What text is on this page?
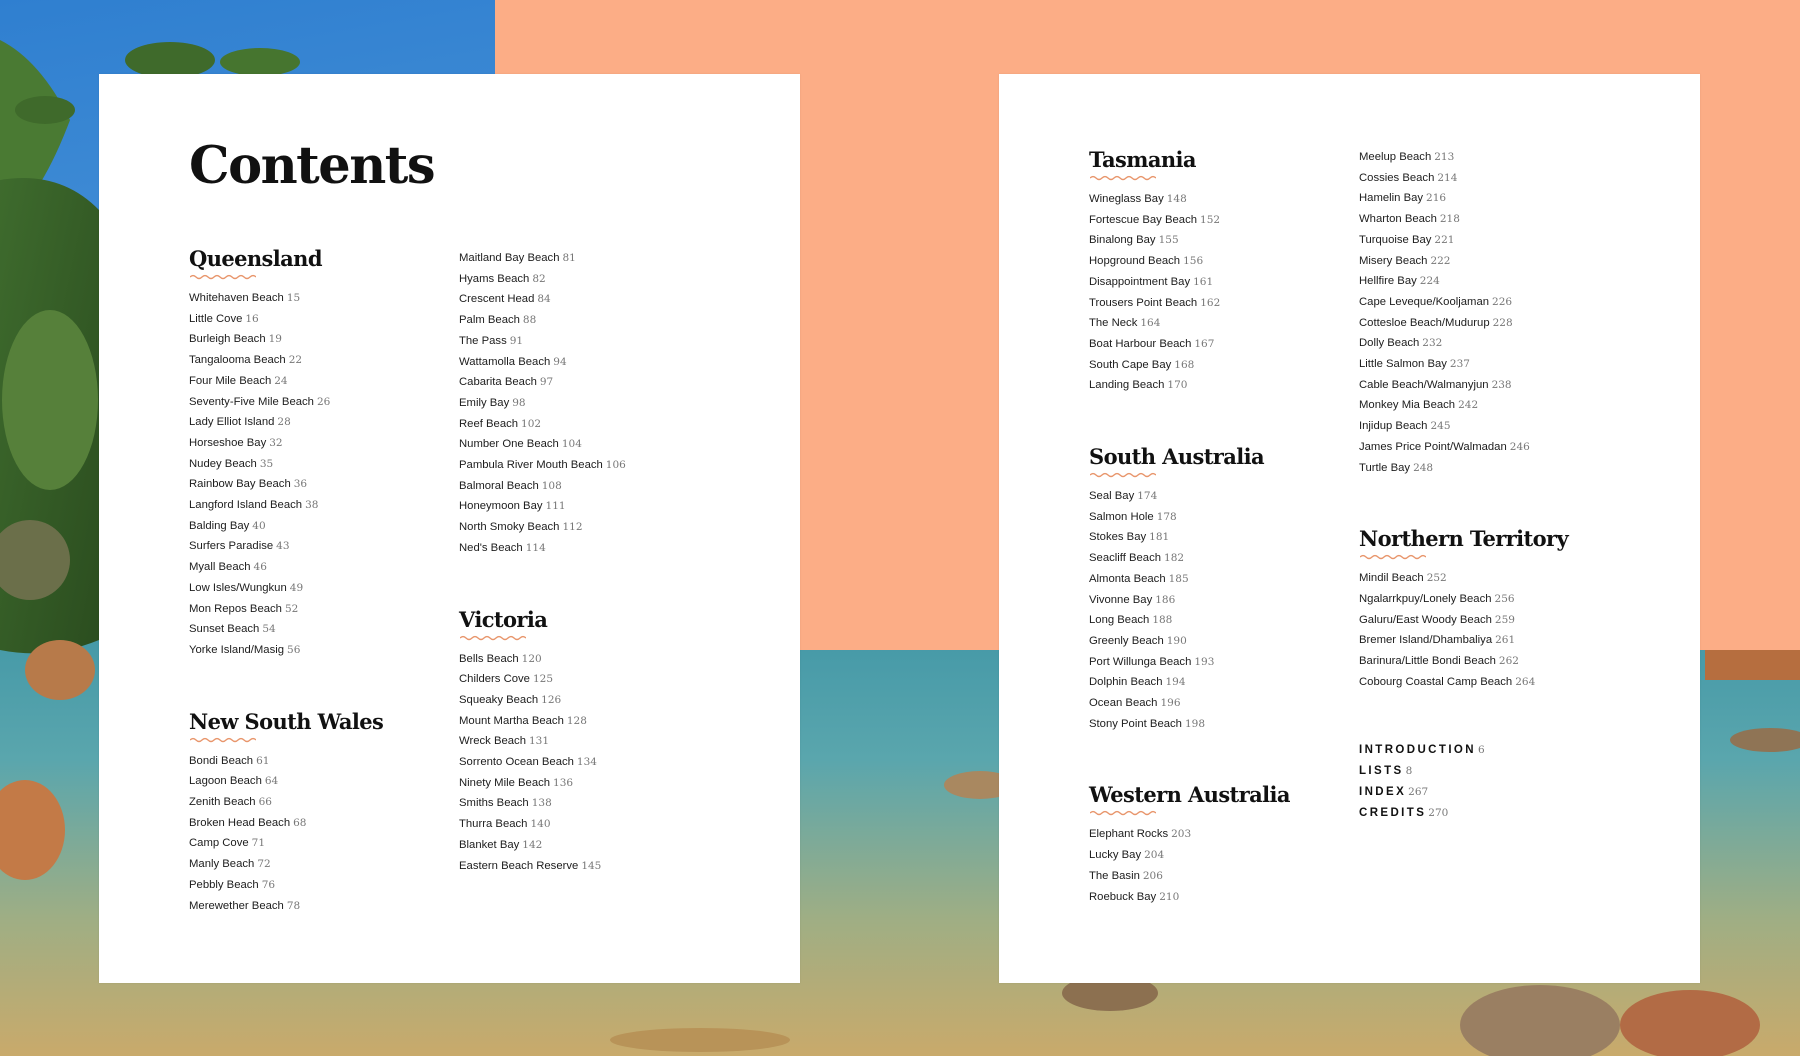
Contents
Queensland
Whitehaven Beach 15
Little Cove 16
Burleigh Beach 19
Tangalooma Beach 22
Four Mile Beach 24
Seventy-Five Mile Beach 26
Lady Elliot Island 28
Horseshoe Bay 32
Nudey Beach 35
Rainbow Bay Beach 36
Langford Island Beach 38
Balding Bay 40
Surfers Paradise 43
Myall Beach 46
Low Isles/Wungkun 49
Mon Repos Beach 52
Sunset Beach 54
Yorke Island/Masig 56
New South Wales
Bondi Beach 61
Lagoon Beach 64
Zenith Beach 66
Broken Head Beach 68
Camp Cove 71
Manly Beach 72
Pebbly Beach 76
Merewether Beach 78
Maitland Bay Beach 81
Hyams Beach 82
Crescent Head 84
Palm Beach 88
The Pass 91
Wattamolla Beach 94
Cabarita Beach 97
Emily Bay 98
Reef Beach 102
Number One Beach 104
Pambula River Mouth Beach 106
Balmoral Beach 108
Honeymoon Bay 111
North Smoky Beach 112
Ned's Beach 114
Victoria
Bells Beach 120
Childers Cove 125
Squeaky Beach 126
Mount Martha Beach 128
Wreck Beach 131
Sorrento Ocean Beach 134
Ninety Mile Beach 136
Smiths Beach 138
Thurra Beach 140
Blanket Bay 142
Eastern Beach Reserve 145
Tasmania
Wineglass Bay 148
Fortescue Bay Beach 152
Binalong Bay 155
Hopground Beach 156
Disappointment Bay 161
Trousers Point Beach 162
The Neck 164
Boat Harbour Beach 167
South Cape Bay 168
Landing Beach 170
South Australia
Seal Bay 174
Salmon Hole 178
Stokes Bay 181
Seacliff Beach 182
Almonta Beach 185
Vivonne Bay 186
Long Beach 188
Greenly Beach 190
Port Willunga Beach 193
Dolphin Beach 194
Ocean Beach 196
Stony Point Beach 198
Western Australia
Elephant Rocks 203
Lucky Bay 204
The Basin 206
Roebuck Bay 210
Meelup Beach 213
Cossies Beach 214
Hamelin Bay 216
Wharton Beach 218
Turquoise Bay 221
Misery Beach 222
Hellfire Bay 224
Cape Leveque/Kooljaman 226
Cottesloe Beach/Mudurup 228
Dolly Beach 232
Little Salmon Bay 237
Cable Beach/Walmanyjun 238
Monkey Mia Beach 242
Injidup Beach 245
James Price Point/Walmadan 246
Turtle Bay 248
Northern Territory
Mindil Beach 252
Ngalarrkpuy/Lonely Beach 256
Galuru/East Woody Beach 259
Bremer Island/Dhambaliya 261
Barinura/Little Bondi Beach 262
Cobourg Coastal Camp Beach 264
INTRODUCTION 6
LISTS 8
INDEX 267
CREDITS 270
